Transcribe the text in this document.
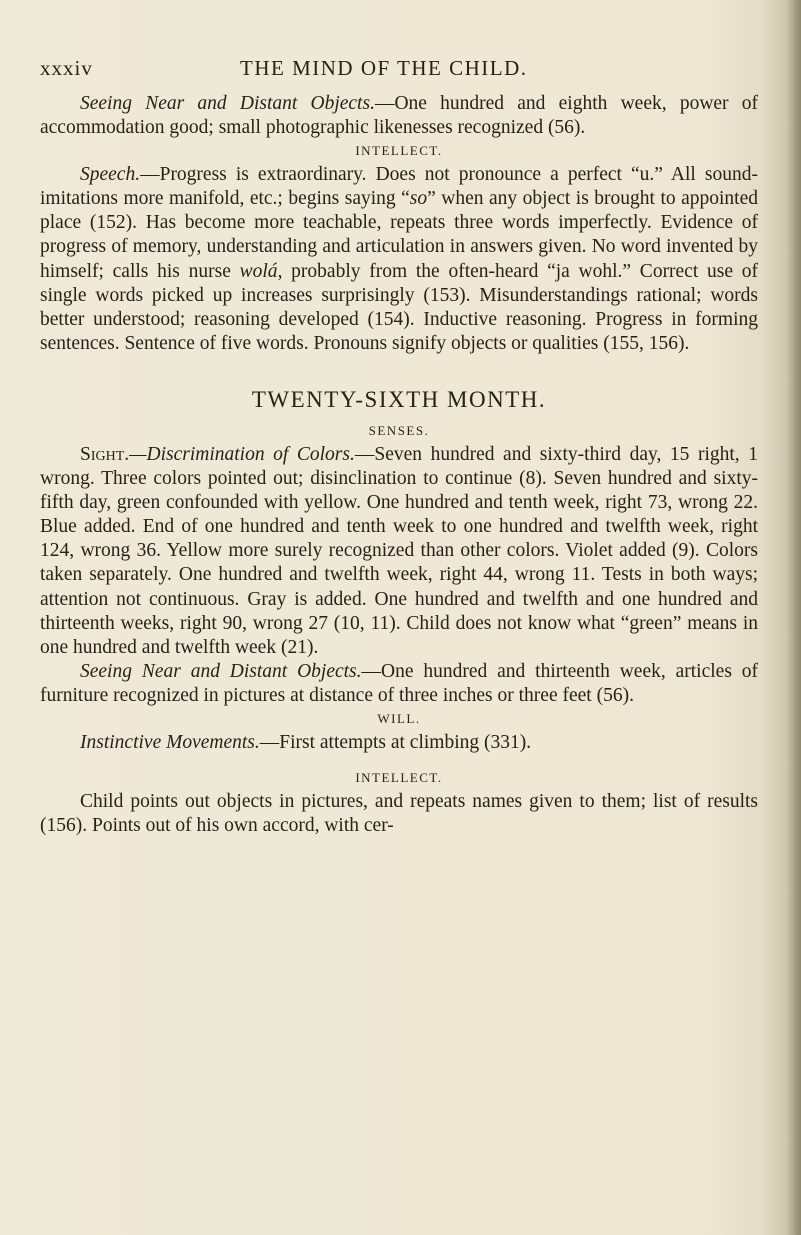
xxxiv	THE MIND OF THE CHILD.

Seeing Near and Distant Objects.—One hundred and eighth week, power of accommodation good; small photographic likenesses recognized (56).

INTELLECT.

Speech.—Progress is extraordinary. Does not pronounce a perfect “u.” All sound-imitations more manifold, etc.; begins saying “so” when any object is brought to appointed place (152). Has become more teachable, repeats three words imperfectly. Evidence of progress of memory, understanding and articulation in answers given. No word invented by himself; calls his nurse wolá, probably from the often-heard “ja wohl.” Correct use of single words picked up increases surprisingly (153). Misunderstandings rational; words better understood; reasoning developed (154). Inductive reasoning. Progress in forming sentences. Sentence of five words. Pronouns signify objects or qualities (155, 156).

TWENTY-SIXTH MONTH.
SENSES.

Sight.—Discrimination of Colors.—Seven hundred and sixty-third day, 15 right, 1 wrong. Three colors pointed out; disinclination to continue (8). Seven hundred and sixty-fifth day, green confounded with yellow. One hundred and tenth week, right 73, wrong 22. Blue added. End of one hundred and tenth week to one hundred and twelfth week, right 124, wrong 36. Yellow more surely recognized than other colors. Violet added (9). Colors taken separately. One hundred and twelfth week, right 44, wrong 11. Tests in both ways; attention not continuous. Gray is added. One hundred and twelfth and one hundred and thirteenth weeks, right 90, wrong 27 (10, 11). Child does not know what “green” means in one hundred and twelfth week (21).

Seeing Near and Distant Objects.—One hundred and thirteenth week, articles of furniture recognized in pictures at distance of three inches or three feet (56).

WILL.

Instinctive Movements.—First attempts at climbing (331).

INTELLECT.

Child points out objects in pictures, and repeats names given to them; list of results (156). Points out of his own accord, with cer-
